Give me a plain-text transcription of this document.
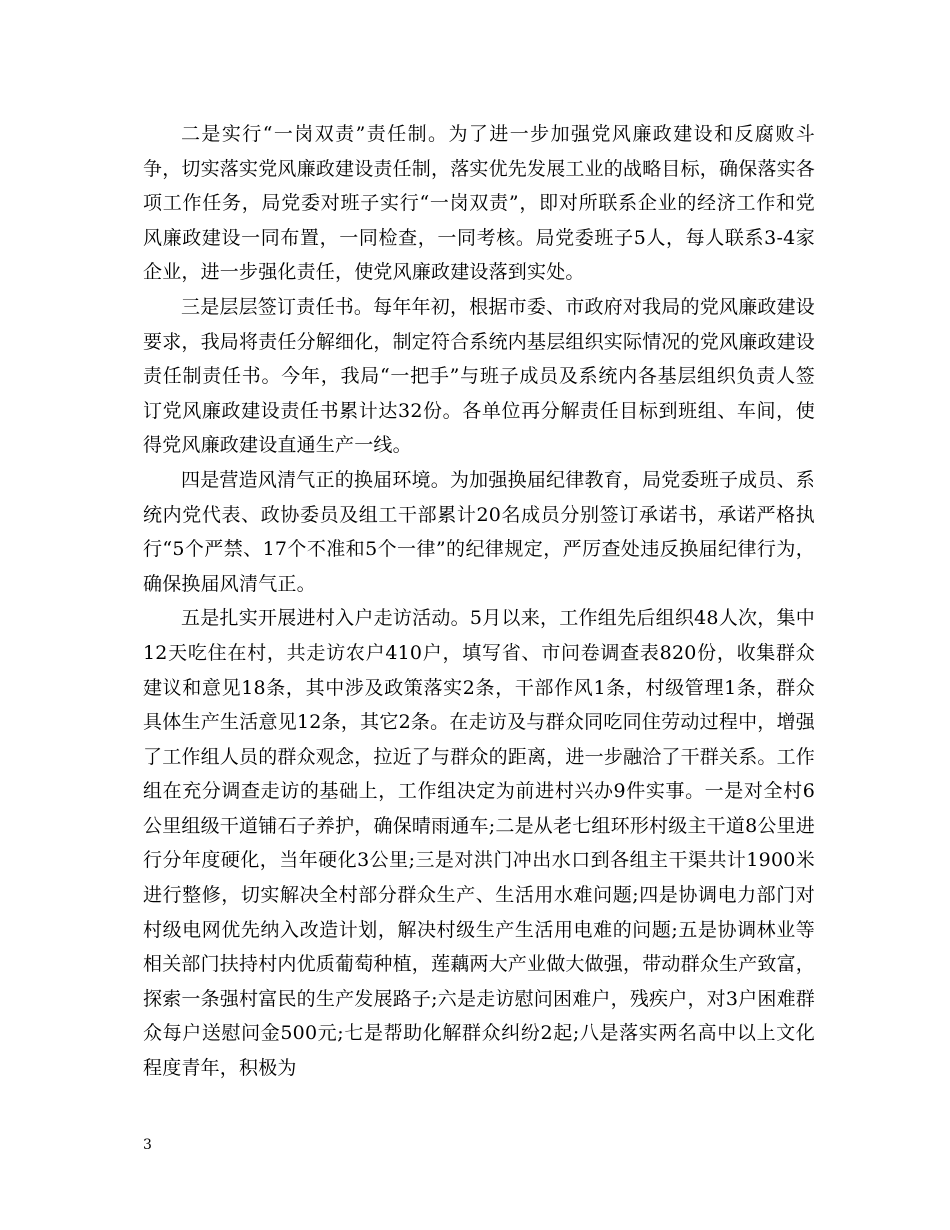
二是实行“一岗双责”责任制。为了进一步加强党风廉政建设和反腐败斗争，切实落实党风廉政建设责任制，落实优先发展工业的战略目标，确保落实各项工作任务，局党委对班子实行“一岗双责”，即对所联系企业的经济工作和党风廉政建设一同布置，一同检查，一同考核。局党委班子5人，每人联系3-4家企业，进一步强化责任，使党风廉政建设落到实处。

三是层层签订责任书。每年年初，根据市委、市政府对我局的党风廉政建设要求，我局将责任分解细化，制定符合系统内基层组织实际情况的党风廉政建设责任制责任书。今年，我局“一把手”与班子成员及系统内各基层组织负责人签订党风廉政建设责任书累计达32份。各单位再分解责任目标到班组、车间，使得党风廉政建设直通生产一线。

四是营造风清气正的换届环境。为加强换届纪律教育，局党委班子成员、系统内党代表、政协委员及组工干部累计20名成员分别签订承诺书，承诺严格执行“5个严禁、17个不准和5个一律”的纪律规定，严厉查处违反换届纪律行为，确保换届风清气正。

五是扎实开展进村入户走访活动。5月以来，工作组先后组织48人次，集中12天吃住在村，共走访农户410户，填写省、市问卷调查表820份，收集群众建议和意见18条，其中涉及政策落实2条，干部作风1条，村级管理1条，群众具体生产生活意见12条，其它2条。在走访及与群众同吃同住劳动过程中，增强了工作组人员的群众观念，拉近了与群众的距离，进一步融洽了干群关系。工作组在充分调查走访的基础上，工作组决定为前进村兴办9件实事。一是对全村6公里组级干道铺石子养护，确保晴雨通车;二是从老七组环形村级主干道8公里进行分年度硬化，当年硬化3公里;三是对洪门冲出水口到各组主干渠共计1900米进行整修，切实解决全村部分群众生产、生活用水难问题;四是协调电力部门对村级电网优先纳入改造计划，解决村级生产生活用电难的问题;五是协调林业等相关部门扶持村内优质葡萄种植，莲藕两大产业做大做强，带动群众生产致富，探索一条强村富民的生产发展路子;六是走访慰问困难户，残疾户，对3户困难群众每户送慰问金500元;七是帮助化解群众纠纷2起;八是落实两名高中以上文化程度青年，积极为

3
